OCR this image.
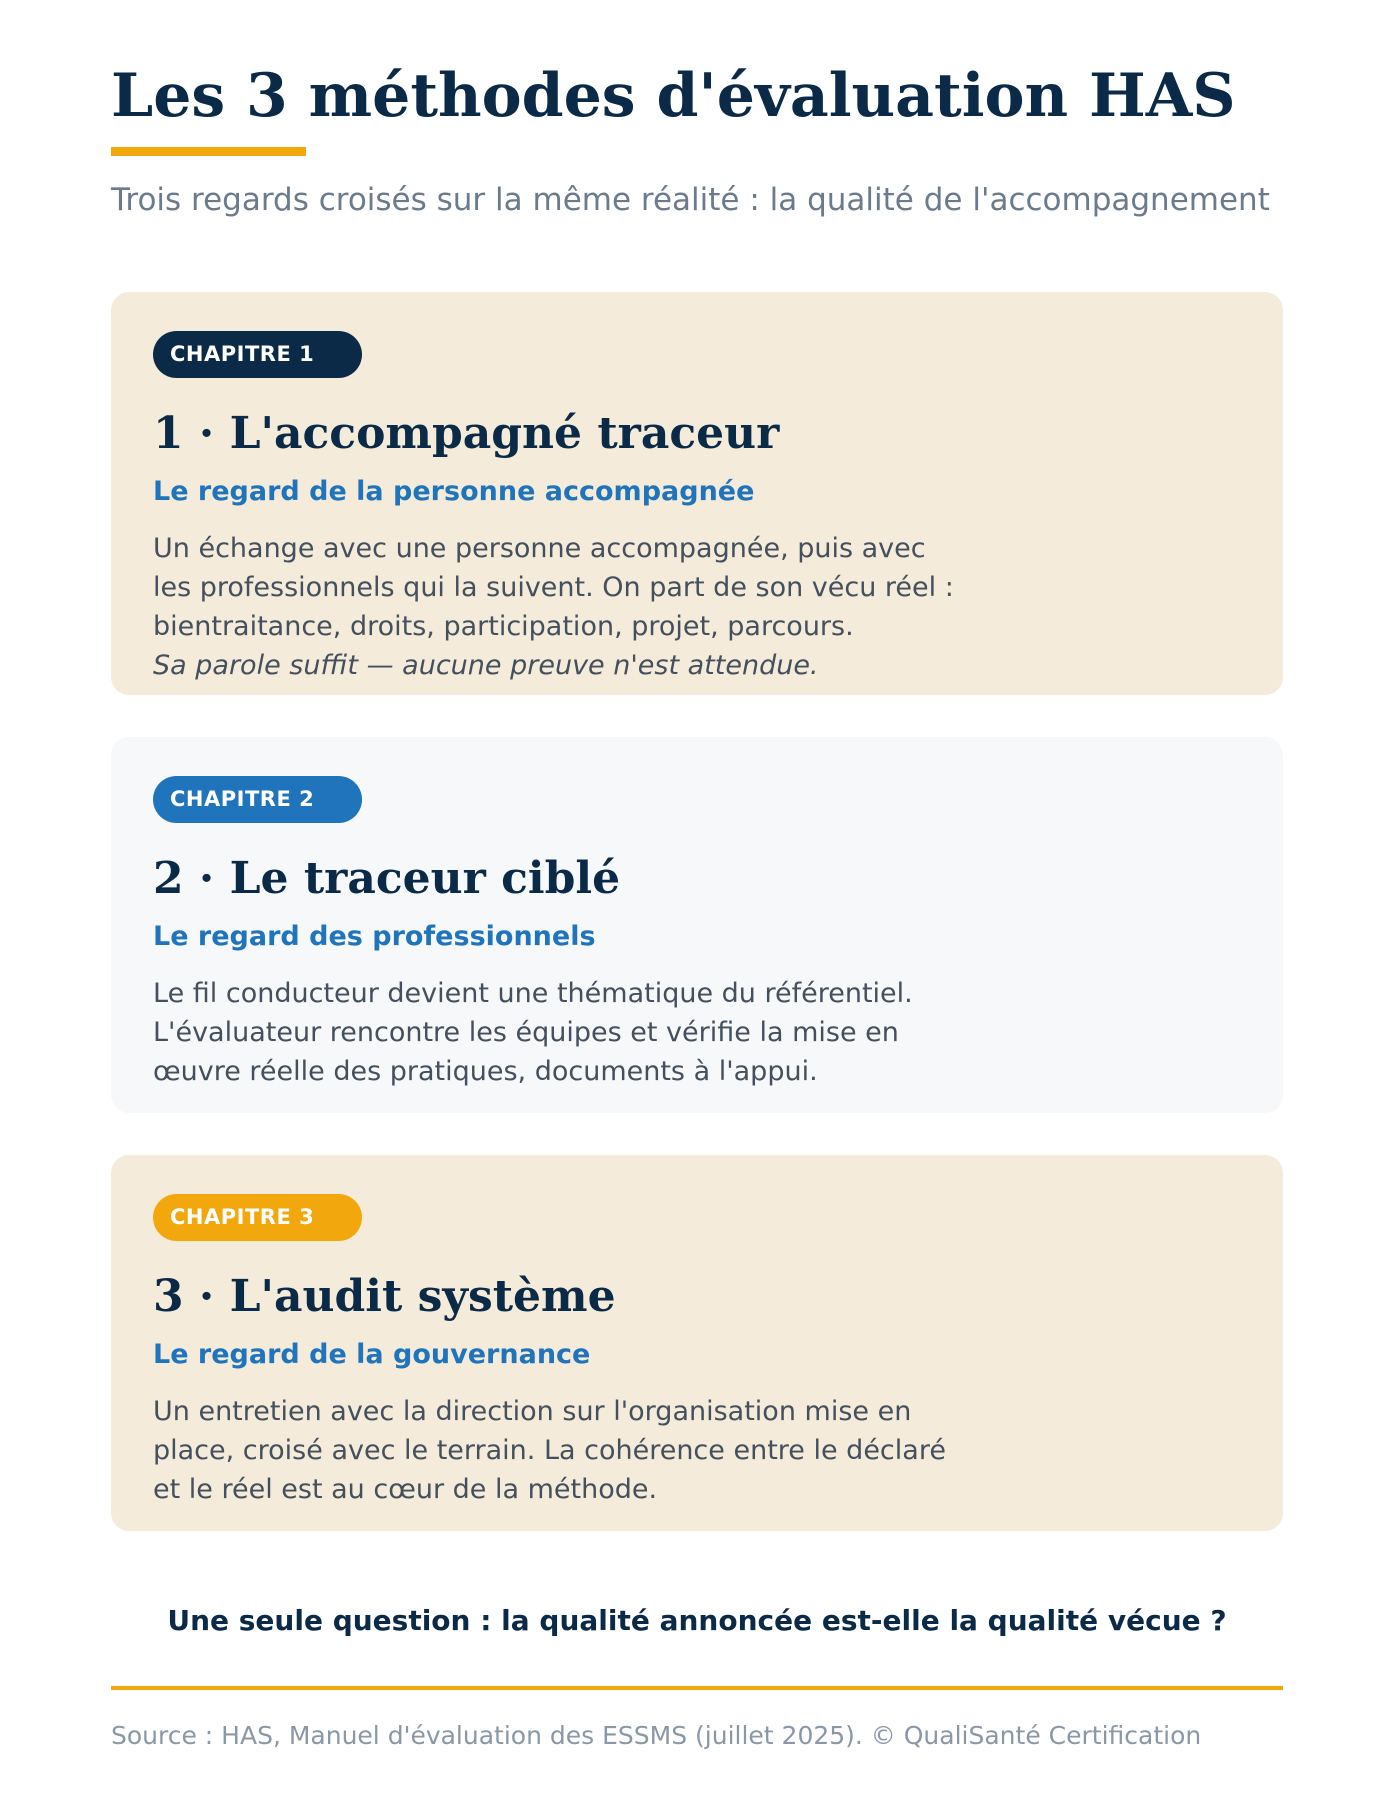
Les 3 méthodes d'évaluation HAS
Trois regards croisés sur la même réalité : la qualité de l'accompagnement
CHAPITRE 1
1 · L'accompagné traceur
Le regard de la personne accompagnée
Un échange avec une personne accompagnée, puis avec
les professionnels qui la suivent. On part de son vécu réel :
bientraitance, droits, participation, projet, parcours.
Sa parole suffit — aucune preuve n'est attendue.
CHAPITRE 2
2 · Le traceur ciblé
Le regard des professionnels
Le fil conducteur devient une thématique du référentiel.
L'évaluateur rencontre les équipes et vérifie la mise en
œuvre réelle des pratiques, documents à l'appui.
CHAPITRE 3
3 · L'audit système
Le regard de la gouvernance
Un entretien avec la direction sur l'organisation mise en
place, croisé avec le terrain. La cohérence entre le déclaré
et le réel est au cœur de la méthode.
Une seule question : la qualité annoncée est-elle la qualité vécue ?
Source : HAS, Manuel d'évaluation des ESSMS (juillet 2025). © QualiSanté Certification
